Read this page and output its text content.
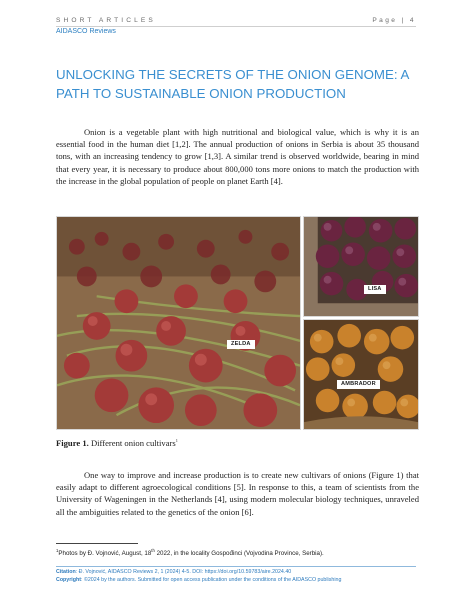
SHORT ARTICLES	Page | 4
AIDASCO Reviews
UNLOCKING THE SECRETS OF THE ONION GENOME: A PATH TO SUSTAINABLE ONION PRODUCTION

Onion is a vegetable plant with high nutritional and biological value, which is why it is an essential food in the human diet [1,2]. The annual production of onions in Serbia is about 35 thousand tons, with an increasing tendency to grow [1,3]. A similar trend is observed worldwide, bearing in mind that every year, it is necessary to produce about 800,000 tons more onions to match the production with the increase in the global population of people on planet Earth [4].

ZELDA
LISA
AMBRADOR
Figure 1. Different onion cultivars$^1$

One way to improve and increase production is to create new cultivars of onions (Figure 1) that easily adapt to different agroecological conditions [5]. In response to this, a team of scientists from the University of Wageningen in the Netherlands [4], using modern molecular biology techniques, unraveled all the ambiguities related to the genetics of the onion [6].

$^1$Photos by Đ. Vojnović, August, 18th 2022, in the locality Gospođinci (Vojvodina Province, Serbia).
Citation: Đ. Vojnović, AIDASCO Reviews 2, 1 (2024) 4-5. DOI: https://doi.org/10.59783/aire.2024.40
Copyright: ©2024 by the authors. Submitted for open access publication under the conditions of the AIDASCO publishing
